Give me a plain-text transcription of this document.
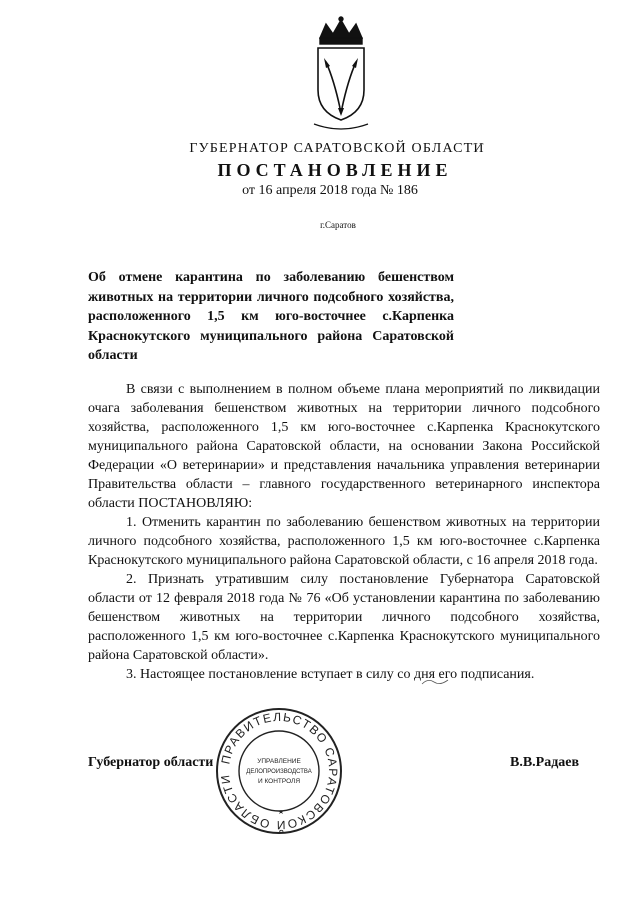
ГУБЕРНАТОР САРАТОВСКОЙ ОБЛАСТИ
ПОСТАНОВЛЕНИЕ
от 16 апреля 2018 года № 186
г.Саратов
Об отмене карантина по заболеванию бешенством животных на территории личного подсобного хозяйства, расположенного 1,5 км юго-восточнее с.Карпенка Краснокутского муниципального района Саратовской области

В связи с выполнением в полном объеме плана мероприятий по ликвидации очага заболевания бешенством животных на территории личного подсобного хозяйства, расположенного 1,5 км юго-восточнее с.Карпенка Краснокутского муниципального района Саратовской области, на основании Закона Российской Федерации «О ветеринарии» и представления начальника управления ветеринарии Правительства области – главного государственного ветеринарного инспектора области ПОСТАНОВЛЯЮ:

1. Отменить карантин по заболеванию бешенством животных на территории личного подсобного хозяйства, расположенного 1,5 км юго-восточнее с.Карпенка Краснокутского муниципального района Саратовской области, с 16 апреля 2018 года.

2. Признать утратившим силу постановление Губернатора Саратовской области от 12 февраля 2018 года № 76 «Об установлении карантина по заболеванию бешенством животных на территории личного подсобного хозяйства, расположенного 1,5 км юго-восточнее с.Карпенка Краснокутского муниципального района Саратовской области».

3. Настоящее постановление вступает в силу со дня его подписания.

Губернатор области	В.В.Радаев
ПРАВИТЕЛЬСТВО САРАТОВСКОЙ ОБЛАСТИ
УПРАВЛЕНИЕ
ДЕЛОПРОИЗВОДСТВА
И КОНТРОЛЯ
